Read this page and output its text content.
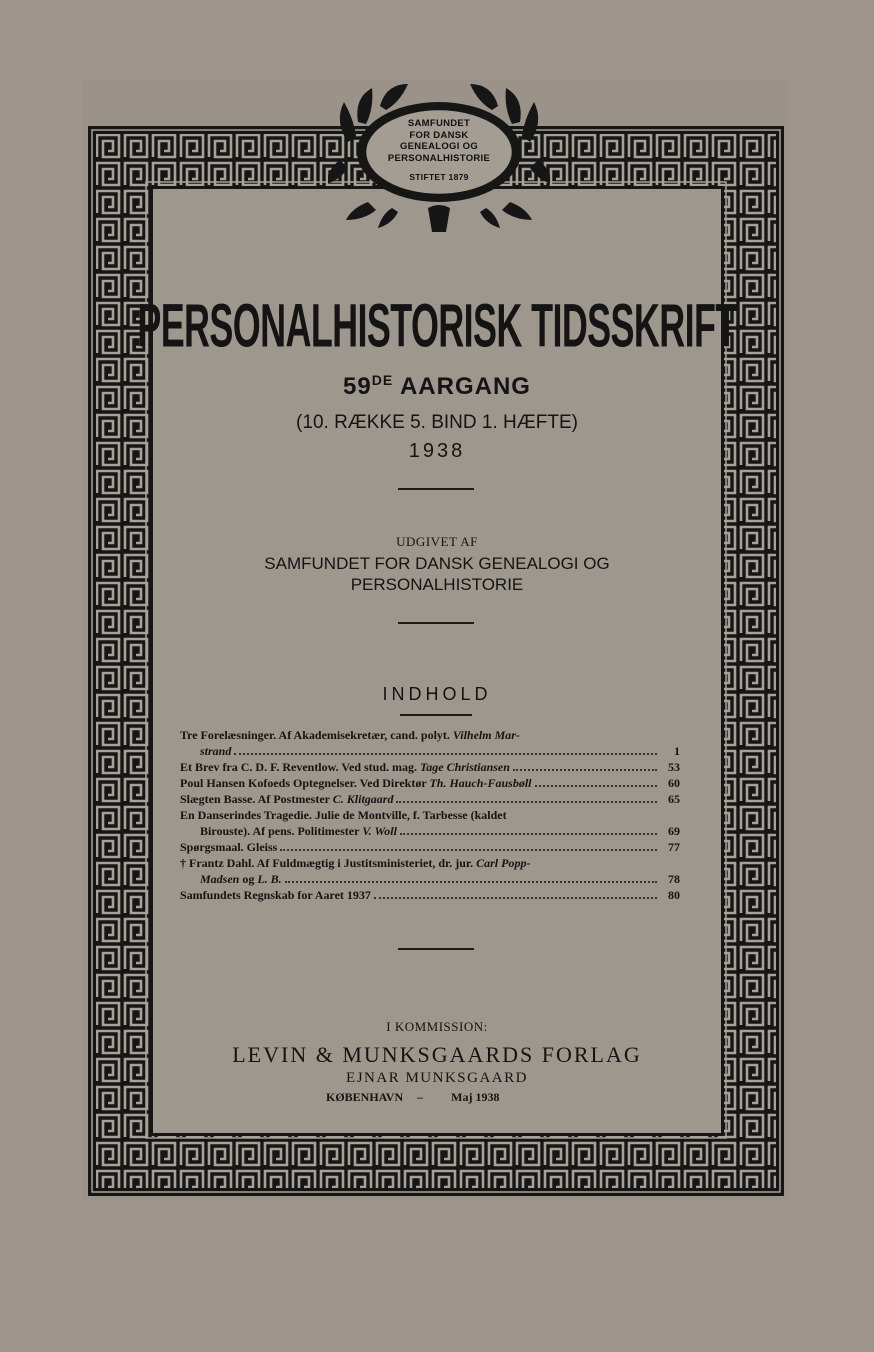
SAMFUNDET
FOR DANSK
GENEALOGI OG
PERSONALHISTORIE
STIFTET 1879
PERSONALHISTORISK TIDSSKRIFT

59DE AARGANG

(10. RÆKKE 5. BIND 1. HÆFTE)

1938

UDGIVET AF

SAMFUNDET FOR DANSK GENEALOGI OG
PERSONALHISTORIE

INDHOLD

Tre Forelæsninger. Af Akademisekretær, cand. polyt. Vilhelm Mar-
strand	1
Et Brev fra C. D. F. Reventlow. Ved stud. mag. Tage Christiansen	53
Poul Hansen Kofoeds Optegnelser. Ved Direktør Th. Hauch-Fausbøll	60
Slægten Basse. Af Postmester C. Klitgaard	65
En Danserindes Tragedie. Julie de Montville, f. Tarbesse (kaldet
Birouste). Af pens. Politimester V. Woll	69
Spørgsmaal. Gleiss	77
† Frantz Dahl. Af Fuldmægtig i Justitsministeriet, dr. jur. Carl Popp-
Madsen og L. B.	78
Samfundets Regnskab for Aaret 1937	80

I KOMMISSION:

LEVIN & MUNKSGAARDS FORLAG

EJNAR MUNKSGAARD

KØBENHAVN – Maj 1938
